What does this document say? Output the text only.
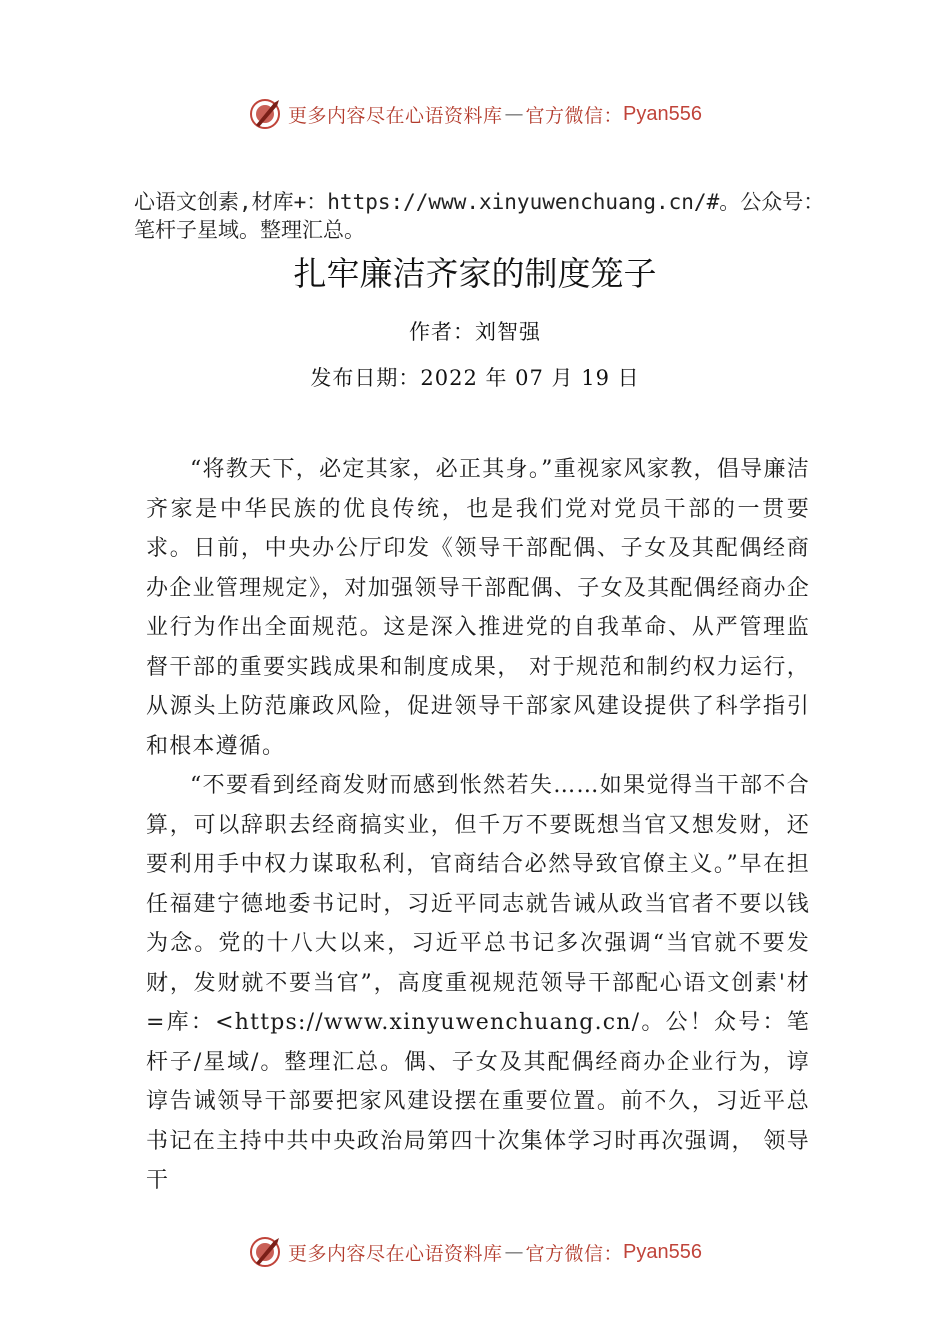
更多内容尽在心语资料库 — 官方微信： Pyan556
心语文创素,材库+：https://www.xinyuwenchuang.cn/#。公众号：笔杆子星域。整理汇总。
扎牢廉洁齐家的制度笼子
作者：刘智强
发布日期：2022 年 07 月 19 日

“将教天下，必定其家，必正其身。”重视家风家教，倡导廉洁齐家是中华民族的优良传统，也是我们党对党员干部的一贯要求。日前，中央办公厅印发《领导干部配偶、子女及其配偶经商办企业管理规定》，对加强领导干部配偶、子女及其配偶经商办企业行为作出全面规范。这是深入推进党的自我革命、从严管理监督干部的重要实践成果和制度成果， 对于规范和制约权力运行，从源头上防范廉政风险，促进领导干部家风建设提供了科学指引和根本遵循。

“不要看到经商发财而感到怅然若失……如果觉得当干部不合算，可以辞职去经商搞实业，但千万不要既想当官又想发财，还要利用手中权力谋取私利，官商结合必然导致官僚主义。”早在担任福建宁德地委书记时，习近平同志就告诫从政当官者不要以钱为念。党的十八大以来，习近平总书记多次强调“当官就不要发财，发财就不要当官”，高度重视规范领导干部配心语文创素'材=库：<https://www.xinyuwenchuang.cn/。公！众号：笔杆子/星域/。整理汇总。偶、子女及其配偶经商办企业行为，谆谆告诫领导干部要把家风建设摆在重要位置。前不久，习近平总书记在主持中共中央政治局第四十次集体学习时再次强调， 领导干

更多内容尽在心语资料库 — 官方微信： Pyan556
